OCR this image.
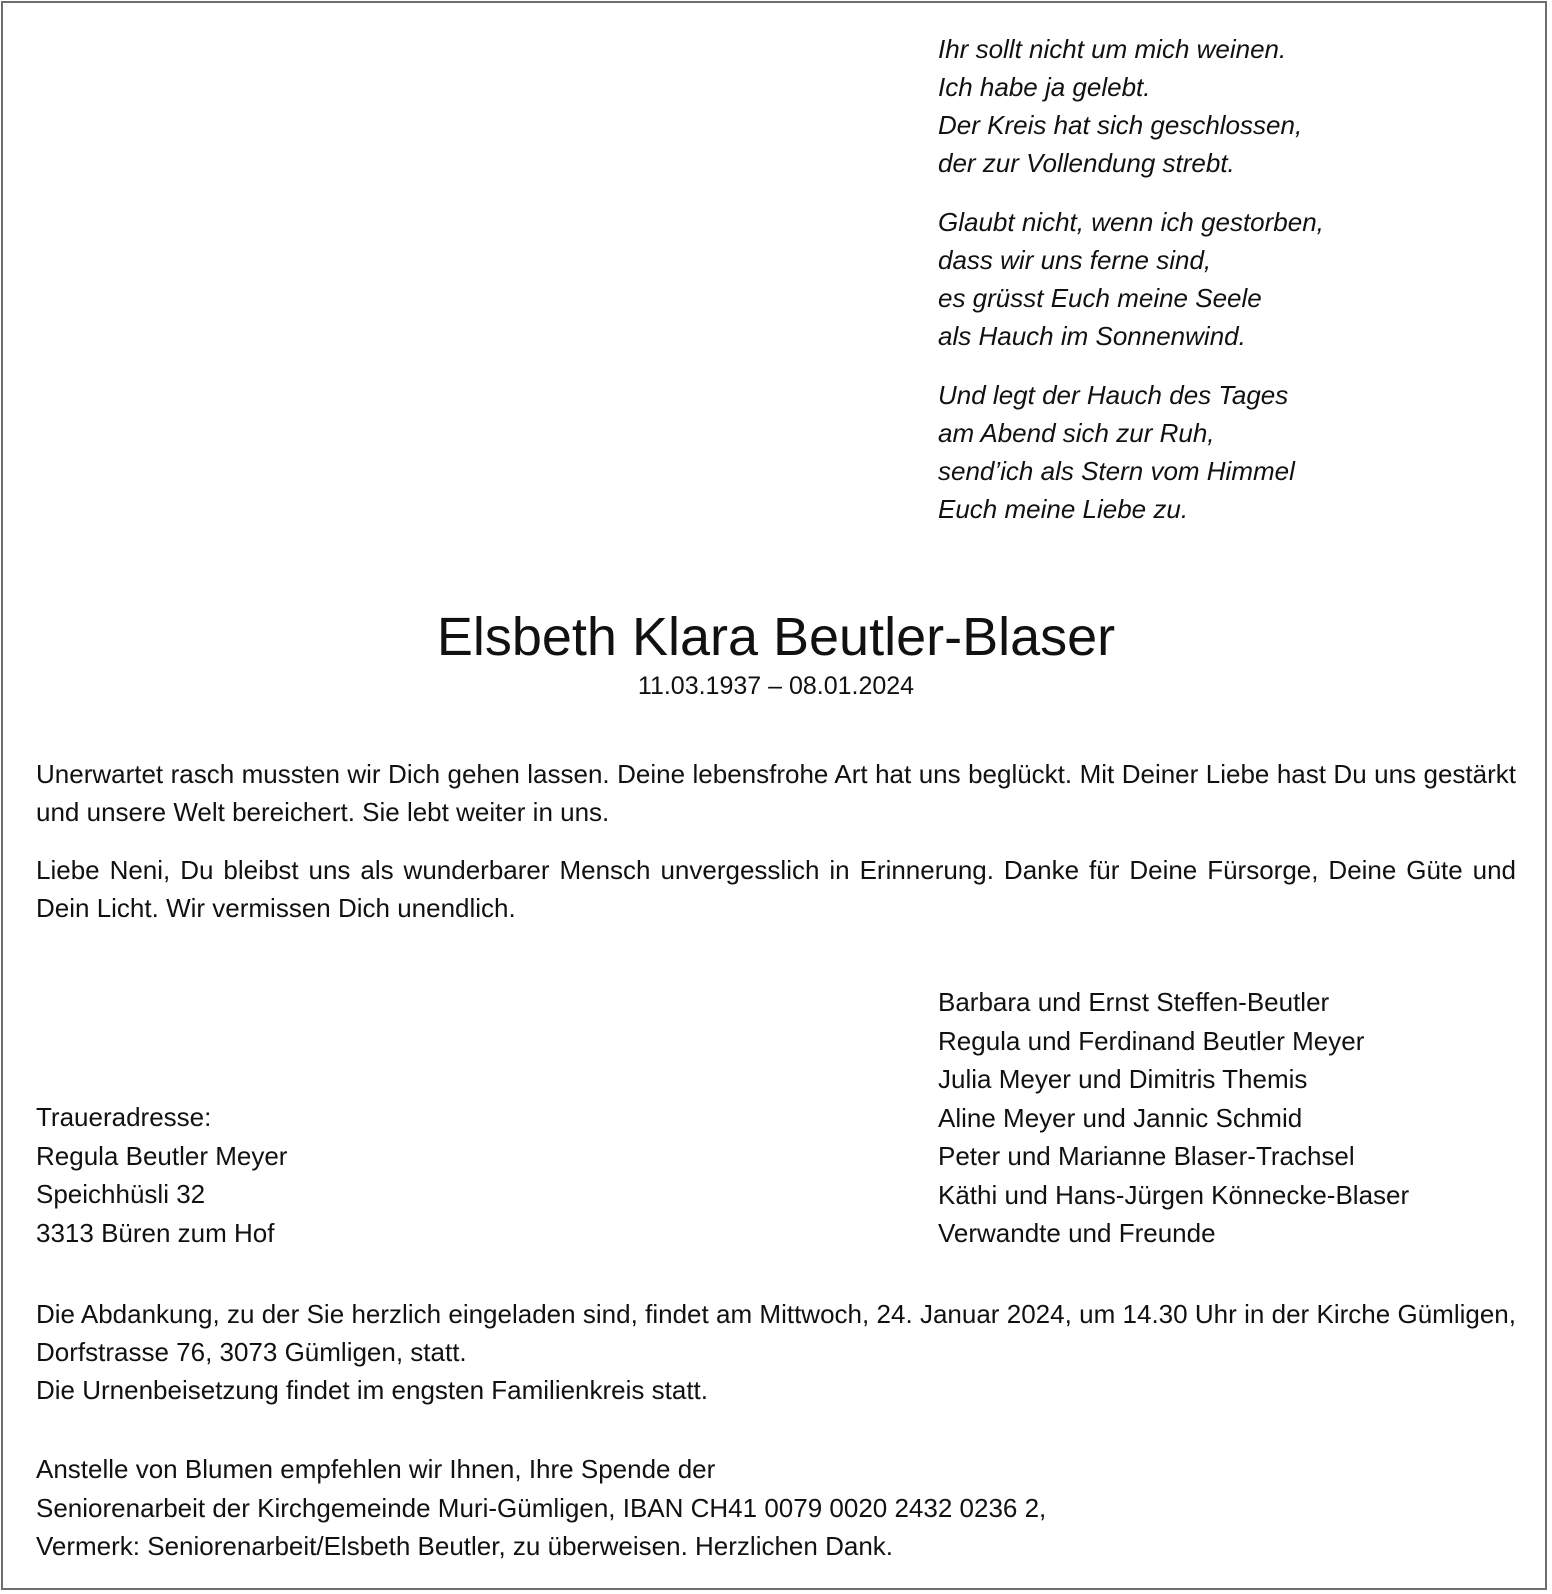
Ihr sollt nicht um mich weinen.
Ich habe ja gelebt.
Der Kreis hat sich geschlossen,
der zur Vollendung strebt.
Glaubt nicht, wenn ich gestorben,
dass wir uns ferne sind,
es grüsst Euch meine Seele
als Hauch im Sonnenwind.
Und legt der Hauch des Tages
am Abend sich zur Ruh,
send’ich als Stern vom Himmel
Euch meine Liebe zu.
Elsbeth Klara Beutler-Blaser
11.03.1937 – 08.01.2024

Unerwartet rasch mussten wir Dich gehen lassen. Deine lebensfrohe Art hat uns beglückt. Mit Deiner Liebe hast Du uns gestärkt und unsere Welt bereichert. Sie lebt weiter in uns.

Liebe Neni, Du bleibst uns als wunderbarer Mensch unvergesslich in Erinnerung. Danke für Deine Fürsorge, Deine Güte und Dein Licht. Wir vermissen Dich unendlich.

Traueradresse:
Regula Beutler Meyer
Speichhüsli 32
3313 Büren zum Hof
Barbara und Ernst Steffen-Beutler
Regula und Ferdinand Beutler Meyer
Julia Meyer und Dimitris Themis
Aline Meyer und Jannic Schmid
Peter und Marianne Blaser-Trachsel
Käthi und Hans-Jürgen Könnecke-Blaser
Verwandte und Freunde

Die Abdankung, zu der Sie herzlich eingeladen sind, findet am Mittwoch, 24. Januar 2024, um 14.30 Uhr in der Kirche Gümligen, Dorfstrasse 76, 3073 Gümligen, statt.

Die Urnenbeisetzung findet im engsten Familienkreis statt.

Anstelle von Blumen empfehlen wir Ihnen, Ihre Spende der
Seniorenarbeit der Kirchgemeinde Muri-Gümligen, IBAN CH41 0079 0020 2432 0236 2,
Vermerk: Seniorenarbeit/Elsbeth Beutler, zu überweisen. Herzlichen Dank.
